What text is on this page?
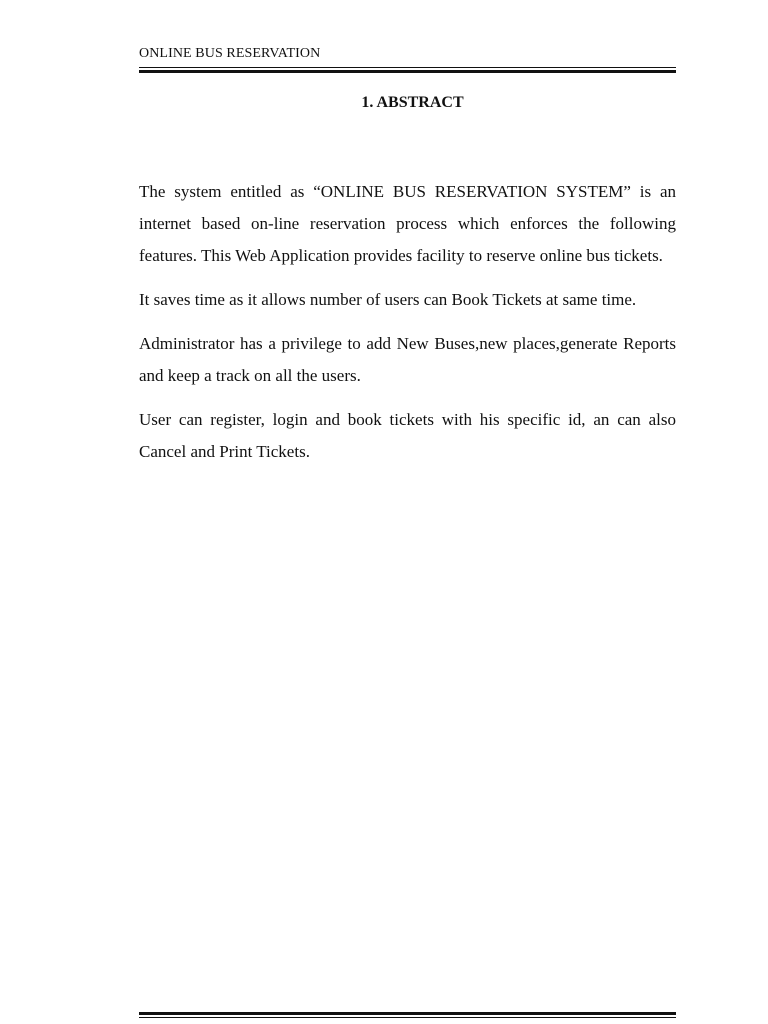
ONLINE BUS RESERVATION
1. ABSTRACT

The system entitled as “ONLINE BUS RESERVATION SYSTEM” is an internet based on-line reservation process which enforces the following features. This Web Application provides facility to reserve online bus tickets.

It saves time as it allows number of users can Book Tickets at same time.

Administrator has a privilege to add New Buses,new places,generate Reports and keep a track on all the users.

User can register, login and book tickets with his specific id, an can also Cancel and Print Tickets.
